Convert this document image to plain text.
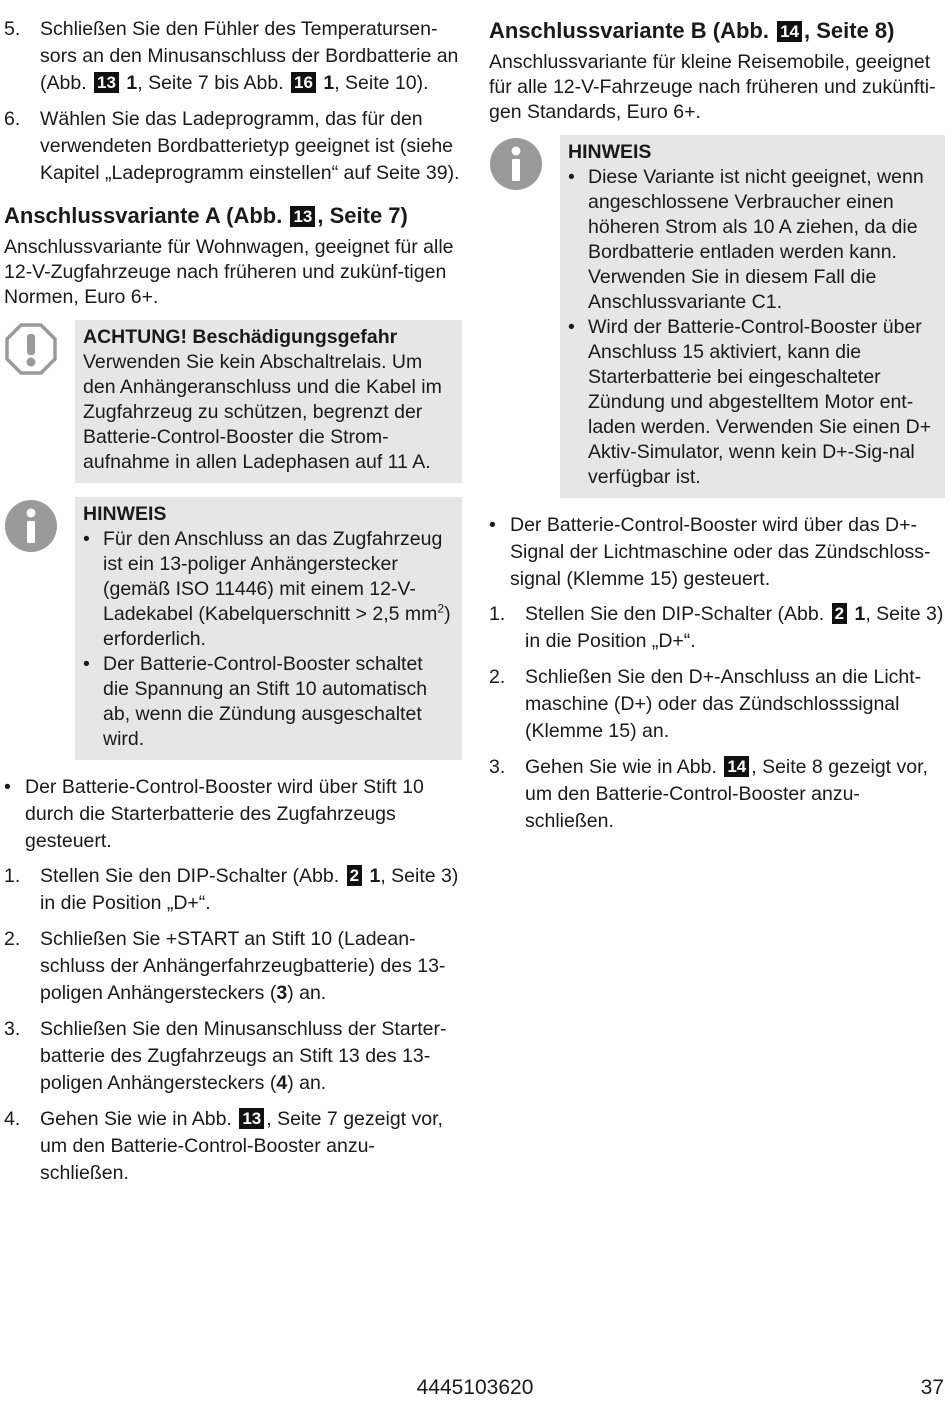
5.	Schließen Sie den Fühler des Temperatursen-sors an den Minusanschluss der Bordbatterie an (Abb. 13 1, Seite 7 bis Abb. 16 1, Seite 10).
6.	Wählen Sie das Ladeprogramm, das für den verwendeten Bordbatterietyp geeignet ist (siehe Kapitel „Ladeprogramm einstellen“ auf Seite 39).
Anschlussvariante A (Abb. 13 , Seite 7)

Anschlussvariante für Wohnwagen, geeignet für alle 12-V-Zugfahrzeuge nach früheren und zukünf-tigen Normen, Euro 6+.

ACHTUNG! Beschädigungsgefahr
Verwenden Sie kein Abschaltrelais. Um den Anhängeranschluss und die Kabel im Zugfahrzeug zu schützen, begrenzt der Batterie-Control-Booster die Strom-aufnahme in allen Ladephasen auf 11 A.
HINWEIS
• Für den Anschluss an das Zugfahrzeug ist ein 13-poliger Anhängerstecker (gemäß ISO 11446) mit einem 12-V-Ladekabel (Kabelquerschnitt > 2,5 $mm^2$) erforderlich.
• Der Batterie-Control-Booster schaltet die Spannung an Stift 10 automatisch ab, wenn die Zündung ausgeschaltet wird.
• Der Batterie-Control-Booster wird über Stift 10 durch die Starterbatterie des Zugfahrzeugs gesteuert.
1.	Stellen Sie den DIP-Schalter (Abb. 2 1, Seite 3) in die Position „D+“.
2.	Schließen Sie +START an Stift 10 (Ladean-schluss der Anhängerfahrzeugbatterie) des 13-poligen Anhängersteckers (3) an.
3.	Schließen Sie den Minusanschluss der Starter-batterie des Zugfahrzeugs an Stift 13 des 13-poligen Anhängersteckers (4) an.
4.	Gehen Sie wie in Abb. 13 , Seite 7 gezeigt vor, um den Batterie-Control-Booster anzu-schließen.
Anschlussvariante B (Abb. 14 , Seite 8)

Anschlussvariante für kleine Reisemobile, geeignet für alle 12-V-Fahrzeuge nach früheren und zukünfti-gen Standards, Euro 6+.

HINWEIS
• Diese Variante ist nicht geeignet, wenn angeschlossene Verbraucher einen höheren Strom als 10 A ziehen, da die Bordbatterie entladen werden kann. Verwenden Sie in diesem Fall die Anschlussvariante C1.
• Wird der Batterie-Control-Booster über Anschluss 15 aktiviert, kann die Starterbatterie bei eingeschalteter Zündung und abgestelltem Motor ent-laden werden. Verwenden Sie einen D+ Aktiv-Simulator, wenn kein D+-Sig-nal verfügbar ist.
• Der Batterie-Control-Booster wird über das D+-Signal der Lichtmaschine oder das Zündschloss-signal (Klemme 15) gesteuert.
1.	Stellen Sie den DIP-Schalter (Abb. 2 1, Seite 3) in die Position „D+“.
2.	Schließen Sie den D+-Anschluss an die Licht-maschine (D+) oder das Zündschlosssignal (Klemme 15) an.
3.	Gehen Sie wie in Abb. 14 , Seite 8 gezeigt vor, um den Batterie-Control-Booster anzu-schließen.
4445103620	37
